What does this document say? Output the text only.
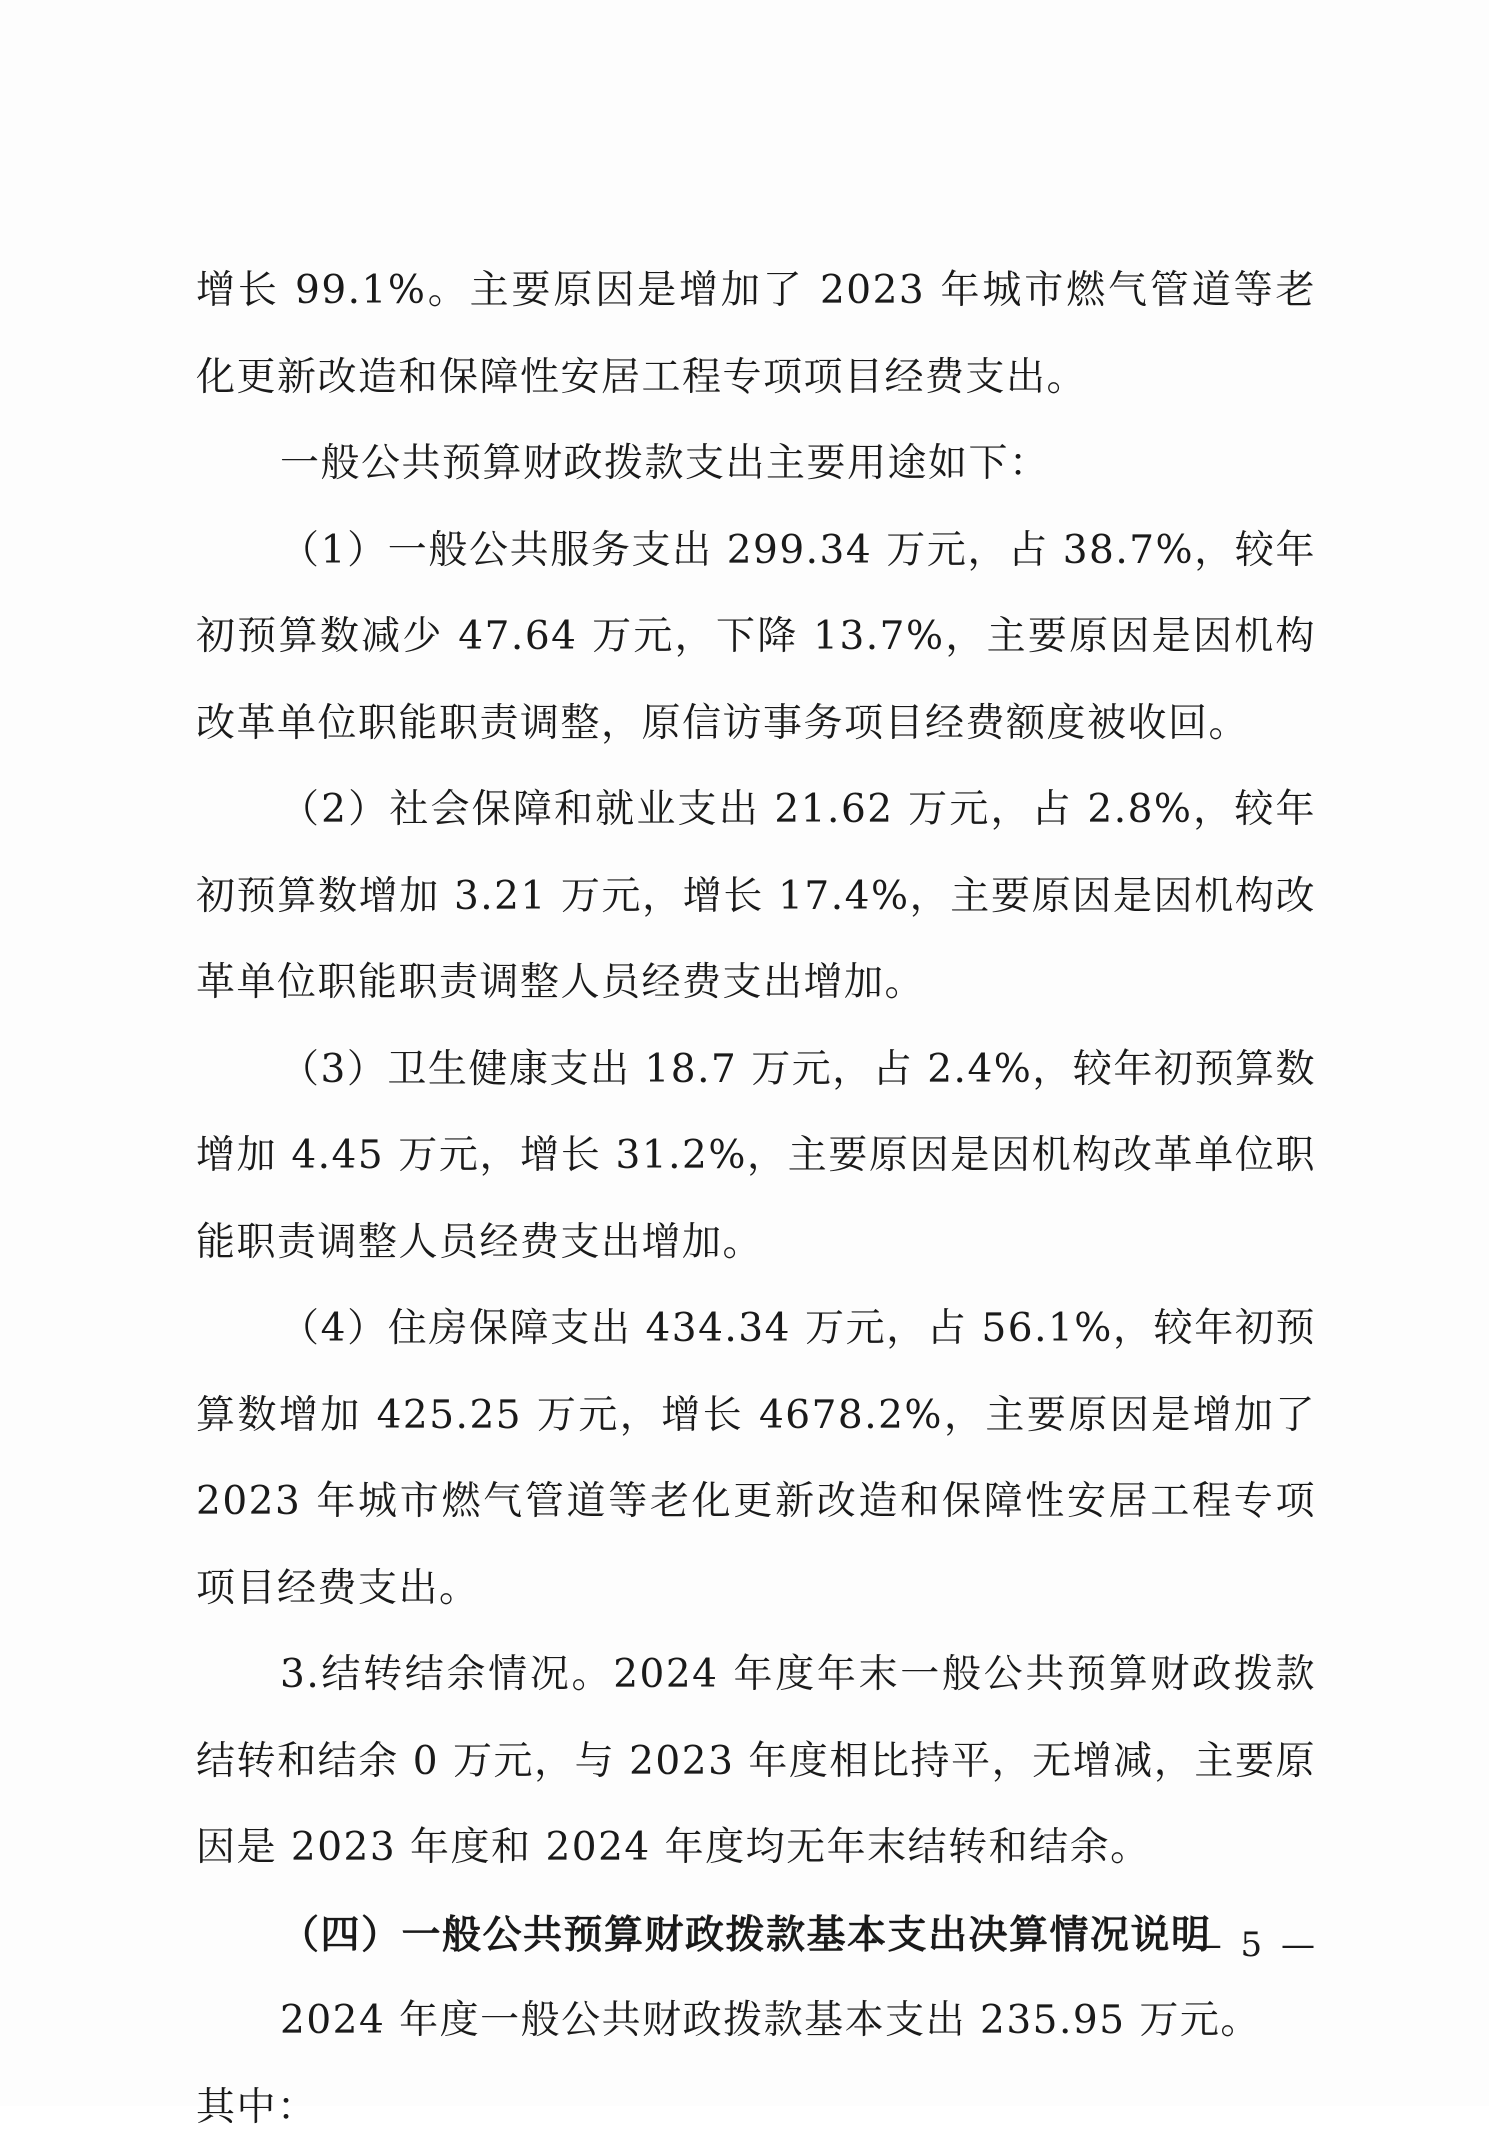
增长 99.1%。主要原因是增加了 2023 年城市燃气管道等老化更新改造和保障性安居工程专项项目经费支出。

一般公共预算财政拨款支出主要用途如下：

（1）一般公共服务支出 299.34 万元，占 38.7%，较年初预算数减少 47.64 万元，下降 13.7%，主要原因是因机构改革单位职能职责调整，原信访事务项目经费额度被收回。

（2）社会保障和就业支出 21.62 万元，占 2.8%，较年初预算数增加 3.21 万元，增长 17.4%，主要原因是因机构改革单位职能职责调整人员经费支出增加。

（3）卫生健康支出 18.7 万元，占 2.4%，较年初预算数增加 4.45 万元，增长 31.2%，主要原因是因机构改革单位职能职责调整人员经费支出增加。

（4）住房保障支出 434.34 万元，占 56.1%，较年初预算数增加 425.25 万元，增长 4678.2%，主要原因是增加了 2023 年城市燃气管道等老化更新改造和保障性安居工程专项项目经费支出。

3.结转结余情况。2024 年度年末一般公共预算财政拨款结转和结余 0 万元，与 2023 年度相比持平，无增减，主要原因是 2023 年度和 2024 年度均无年末结转和结余。

（四）一般公共预算财政拨款基本支出决算情况说明

2024 年度一般公共财政拨款基本支出 235.95 万元。

其中：

— 5 —
